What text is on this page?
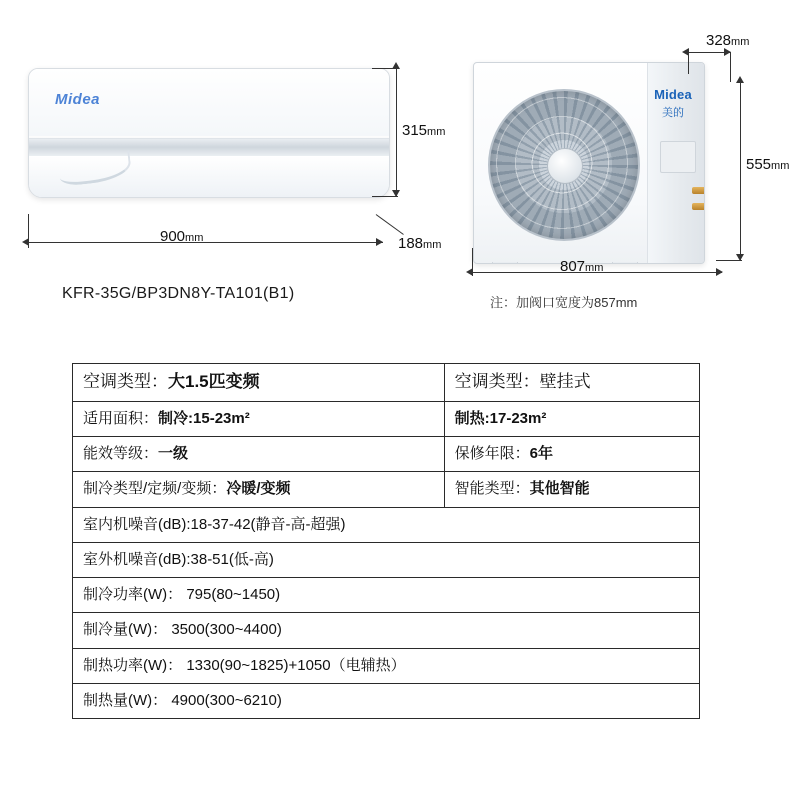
Midea
315mm
900mm	188mm
KFR-35G/BP3DN8Y-TA101(B1)
Midea
美的
328mm
555mm
807mm
注：加阀口宽度为857mm
空调类型：大1.5匹变频	空调类型：壁挂式
适用面积：制冷:15-23m²	制热:17-23m²
能效等级：一级	保修年限：6年
制冷类型/定频/变频：冷暖/变频	智能类型：其他智能
室内机噪音(dB):18-37-42(静音-高-超强)	
室外机噪音(dB):38-51(低-高)	
制冷功率(W)： 795(80~1450)	
制冷量(W)： 3500(300~4400)	
制热功率(W)： 1330(90~1825)+1050（电辅热）	
制热量(W)： 4900(300~6210)	
